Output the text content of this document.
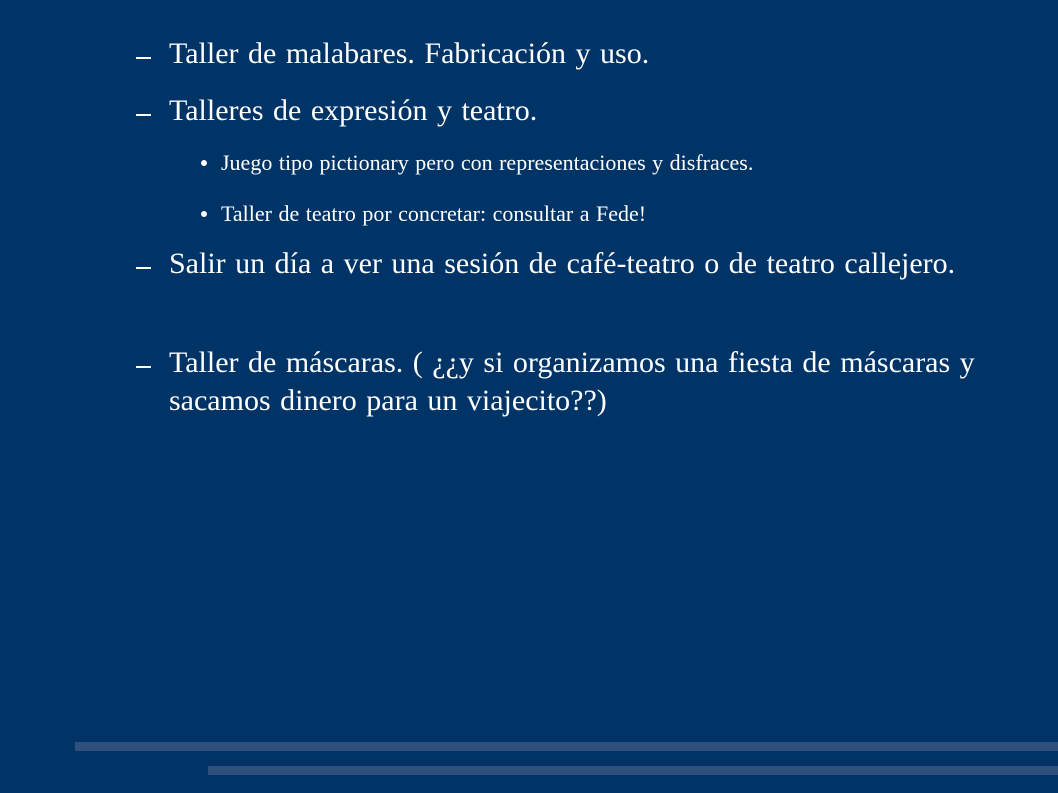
Taller de malabares. Fabricación y uso.
Talleres de expresión y teatro.
Juego tipo pictionary pero con representaciones y disfraces.
Taller de teatro por concretar: consultar a Fede!
Salir un día a ver una sesión de café-teatro o de teatro callejero.
Taller de máscaras. ( ¿¿y si organizamos una fiesta de máscaras y sacamos dinero para un viajecito??)
